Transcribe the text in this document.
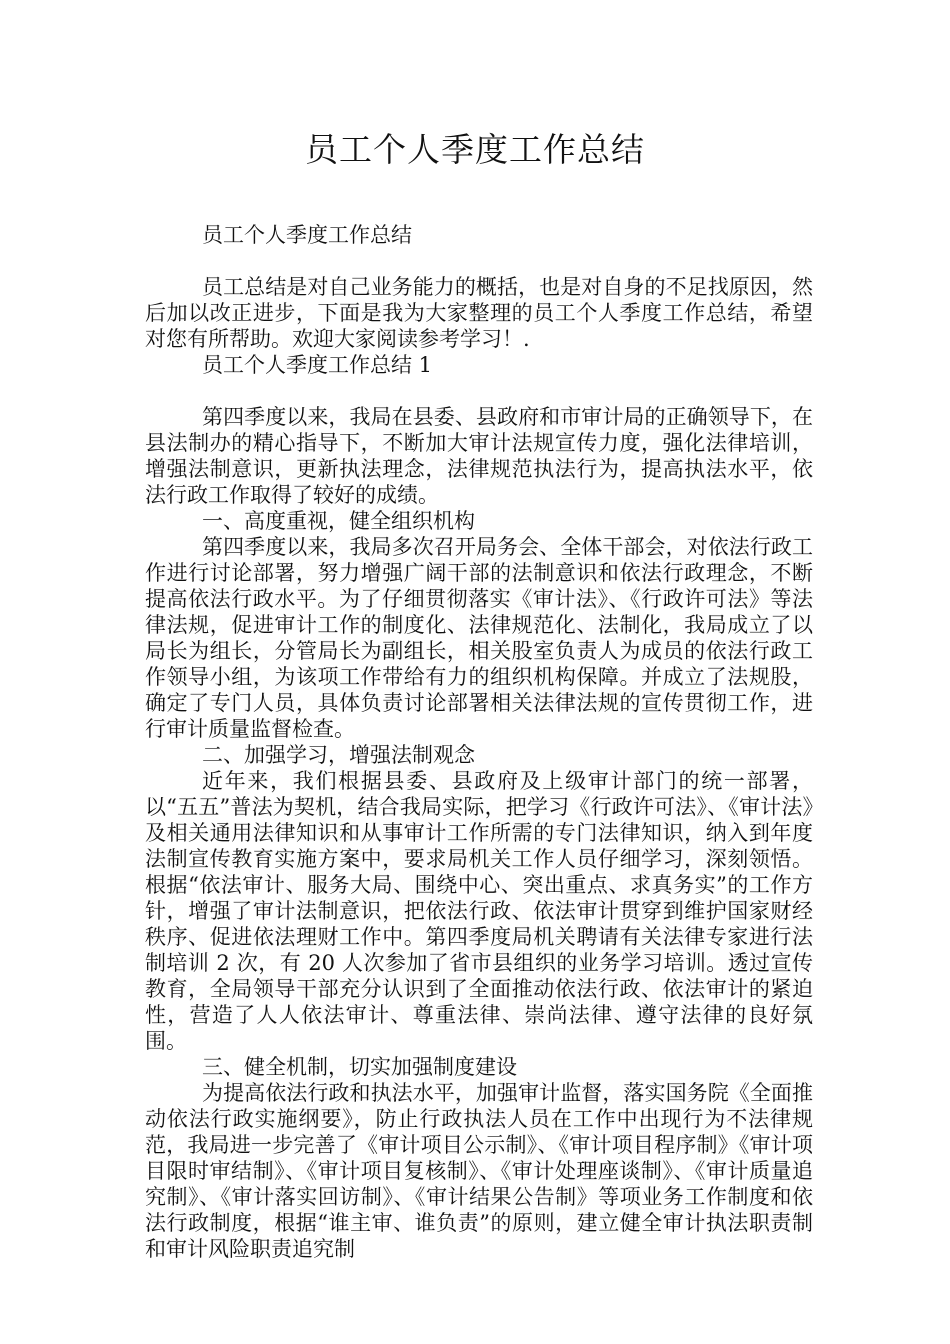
员工个人季度工作总结

员工个人季度工作总结

员工总结是对自己业务能力的概括，也是对自身的不足找原因，然后加以改正进步，下面是我为大家整理的员工个人季度工作总结，希望对您有所帮助。欢迎大家阅读参考学习！.

员工个人季度工作总结 1

第四季度以来，我局在县委、县政府和市审计局的正确领导下，在县法制办的精心指导下，不断加大审计法规宣传力度，强化法律培训，增强法制意识，更新执法理念，法律规范执法行为，提高执法水平，依法行政工作取得了较好的成绩。

一、高度重视，健全组织机构

第四季度以来，我局多次召开局务会、全体干部会，对依法行政工作进行讨论部署，努力增强广阔干部的法制意识和依法行政理念，不断提高依法行政水平。为了仔细贯彻落实《审计法》、《行政许可法》等法律法规，促进审计工作的制度化、法律规范化、法制化，我局成立了以局长为组长，分管局长为副组长，相关股室负责人为成员的依法行政工作领导小组，为该项工作带给有力的组织机构保障。并成立了法规股，确定了专门人员，具体负责讨论部署相关法律法规的宣传贯彻工作，进行审计质量监督检查。

二、加强学习，增强法制观念

近年来，我们根据县委、县政府及上级审计部门的统一部署，以“五五”普法为契机，结合我局实际，把学习《行政许可法》、《审计法》及相关通用法律知识和从事审计工作所需的专门法律知识，纳入到年度法制宣传教育实施方案中，要求局机关工作人员仔细学习，深刻领悟。根据“依法审计、服务大局、围绕中心、突出重点、求真务实”的工作方针，增强了审计法制意识，把依法行政、依法审计贯穿到维护国家财经秩序、促进依法理财工作中。第四季度局机关聘请有关法律专家进行法制培训 2 次，有 20 人次参加了省市县组织的业务学习培训。透过宣传教育，全局领导干部充分认识到了全面推动依法行政、依法审计的紧迫性，营造了人人依法审计、尊重法律、崇尚法律、遵守法律的良好氛围。

三、健全机制，切实加强制度建设

为提高依法行政和执法水平，加强审计监督，落实国务院《全面推动依法行政实施纲要》，防止行政执法人员在工作中出现行为不法律规范，我局进一步完善了《审计项目公示制》、《审计项目程序制》《审计项目限时审结制》、《审计项目复核制》、《审计处理座谈制》、《审计质量追究制》、《审计落实回访制》、《审计结果公告制》等项业务工作制度和依法行政制度，根据“谁主审、谁负责”的原则，建立健全审计执法职责制和审计风险职责追究制
